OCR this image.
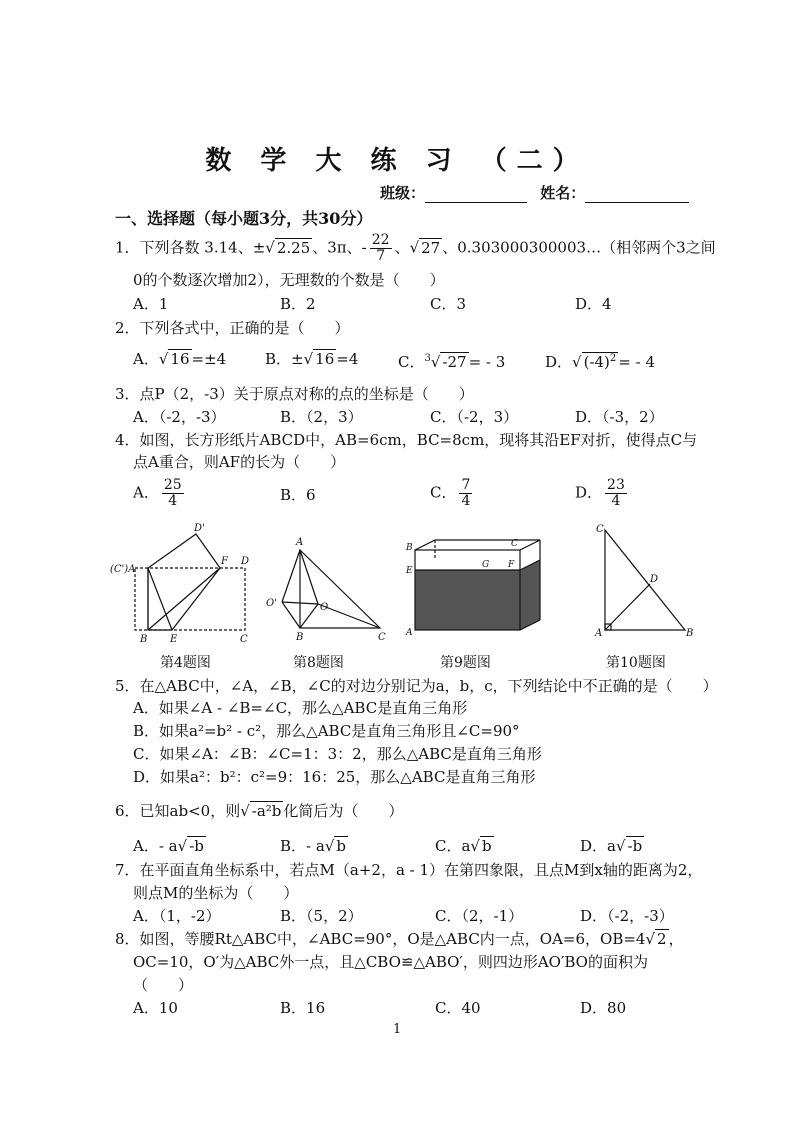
数 学 大 练 习 （二）
班级：	姓名：
一、选择题（每小题3分，共30分）
1．下列各数 3.14、±√ 2.25 、3π、- $\frac{22}{7}$ 、√ 27 、0.303000300003…（相邻两个3之间
0的个数逐次增加2），无理数的个数是（　　）
A．1	B．2	C．3	D．4
2．下列各式中，正确的是（　　）
A．√ 16 =±4	B．±√ 16 =4	C．$^3$√ -27 = - 3	D．√ $(-4)^2$ = - 4
3．点P（2，-3）关于原点对称的点的坐标是（　　）
A．（-2，-3）	B．（2，3）	C．（-2，3）	D．（-3，2）
4．如图，长方形纸片ABCD中，AB=6cm，BC=8cm，现将其沿EF对折，使得点C与
点A重合，则AF的长为（　　）
A． $\frac{25}{4}$	B．6	C． $\frac{7}{4}$	D． $\frac{23}{4}$
(C')A
D'
F D
B E	C
A
O'	O
B	C
B	C
E
G F
A
C
D
A	B
第4题图	第8题图	第9题图	第10题图
5．在△ABC中，∠A，∠B，∠C的对边分别记为a，b，c，下列结论中不正确的是（　　）
A．如果∠A - ∠B=∠C，那么△ABC是直角三角形
B．如果a²=b² - c²，那么△ABC是直角三角形且∠C=90°
C．如果∠A：∠B：∠C=1：3：2，那么△ABC是直角三角形
D．如果a²：b²：c²=9：16：25，那么△ABC是直角三角形
6．已知ab<0，则√ -a²b 化简后为（　　）
A．- a√ -b	B．- a√ b	C．a√ b	D．a√ -b
7．在平面直角坐标系中，若点M（a+2，a - 1）在第四象限，且点M到x轴的距离为2，
则点M的坐标为（　　）
A．（1，-2）	B．（5，2）	C．（2，-1）	D．（-2，-3）
8．如图，等腰Rt△ABC中，∠ABC=90°，O是△ABC内一点，OA=6，OB=4√ 2 ，
OC=10，O′为△ABC外一点，且△CBO≌△ABO′，则四边形AO′BO的面积为
（　　）
A．10	B．16	C．40	D．80
1
